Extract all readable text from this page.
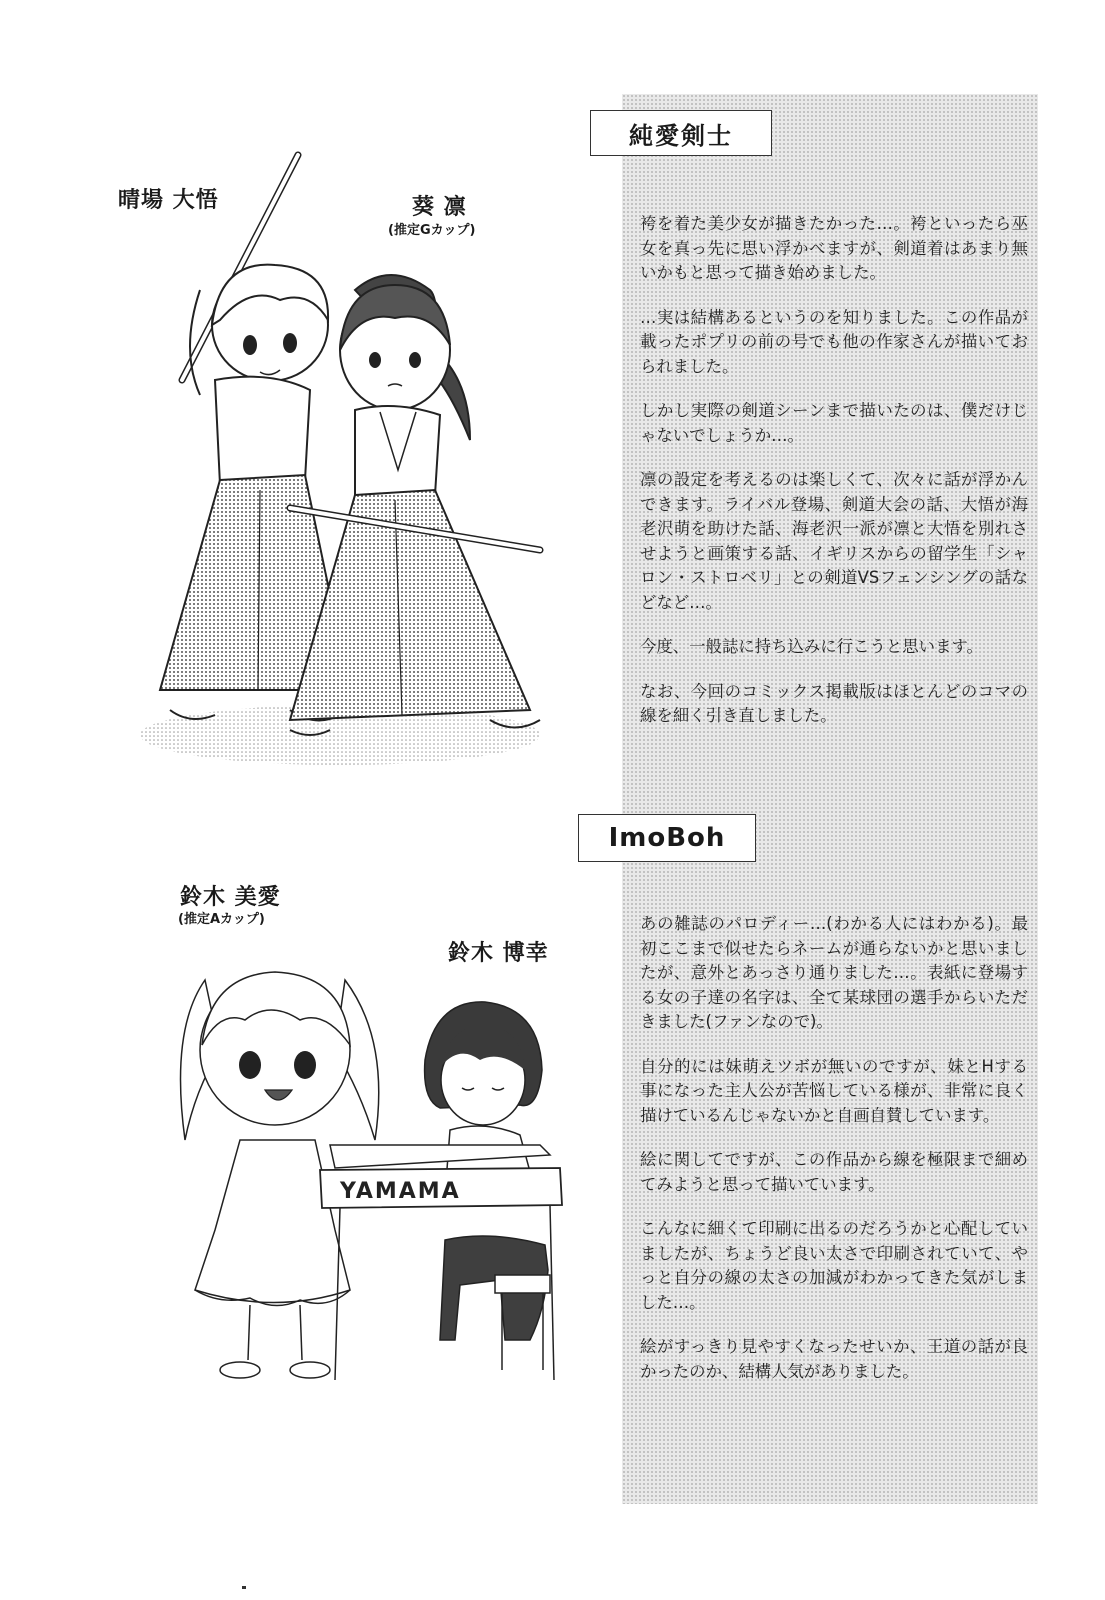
純愛剣士
晴場 大悟	葵 凛
(推定Gカップ)	袴を着た美少女が描きたかった…。袴といったら巫女を真っ先に思い浮かべますが、剣道着はあまり無いかもと思って描き始めました。

…実は結構あるというのを知りました。この作品が載ったポプリの前の号でも他の作家さんが描いておられました。

しかし実際の剣道シーンまで描いたのは、僕だけじゃないでしょうか…。

凛の設定を考えるのは楽しくて、次々に話が浮かんできます。ライバル登場、剣道大会の話、大悟が海老沢萌を助けた話、海老沢一派が凛と大悟を別れさせようと画策する話、イギリスからの留学生「シャロン・ストロベリ」との剣道VSフェンシングの話などなど…。

今度、一般誌に持ち込みに行こうと思います。

なお、今回のコミックス掲載版はほとんどのコマの線を細く引き直しました。

ImoBoh
鈴木 美愛
(推定Aカップ)
鈴木 博幸
YAMAMA

あの雑誌のパロディー…(わかる人にはわかる)。最初ここまで似せたらネームが通らないかと思いましたが、意外とあっさり通りました…。表紙に登場する女の子達の名字は、全て某球団の選手からいただきました(ファンなので)。

自分的には妹萌えツボが無いのですが、妹とHする事になった主人公が苦悩している様が、非常に良く描けているんじゃないかと自画自賛しています。

絵に関してですが、この作品から線を極限まで細めてみようと思って描いています。

こんなに細くて印刷に出るのだろうかと心配していましたが、ちょうど良い太さで印刷されていて、やっと自分の線の太さの加減がわかってきた気がしました…。

絵がすっきり見やすくなったせいか、王道の話が良かったのか、結構人気がありました。
